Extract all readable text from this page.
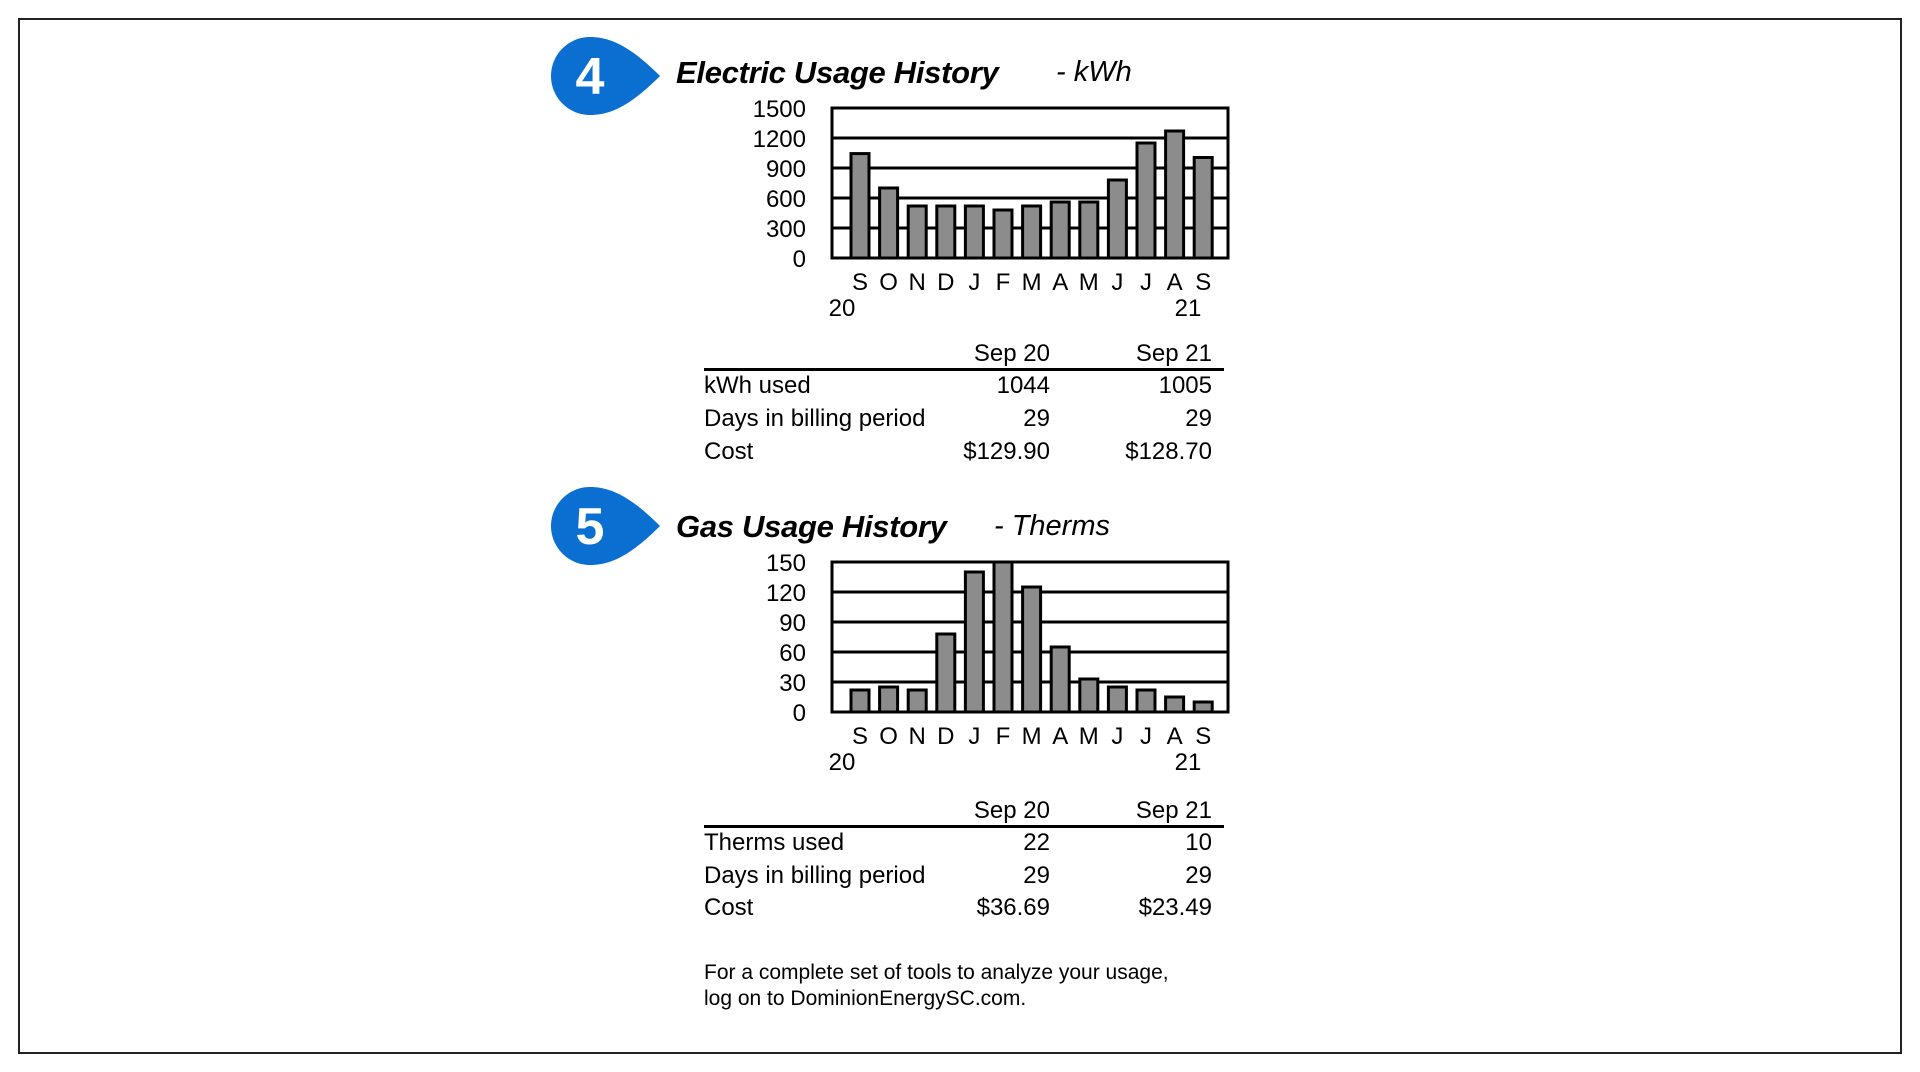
4 Electric Usage History - kWh
1500
1200
900
600
300
0
S O N D J F M A M J J A S
20	21
Sep 20	Sep 21
kWh used	1044	1005
Days in billing period	29	29
Cost	$129.90	$128.70
5 Gas Usage History - Therms
150
120
90
60
30
0
S O N D J F M A M J J A S
20	21
Sep 20	Sep 21
Therms used	22	10
Days in billing period	29	29
Cost	$36.69	$23.49
For a complete set of tools to analyze your usage,
log on to DominionEnergySC.com.
